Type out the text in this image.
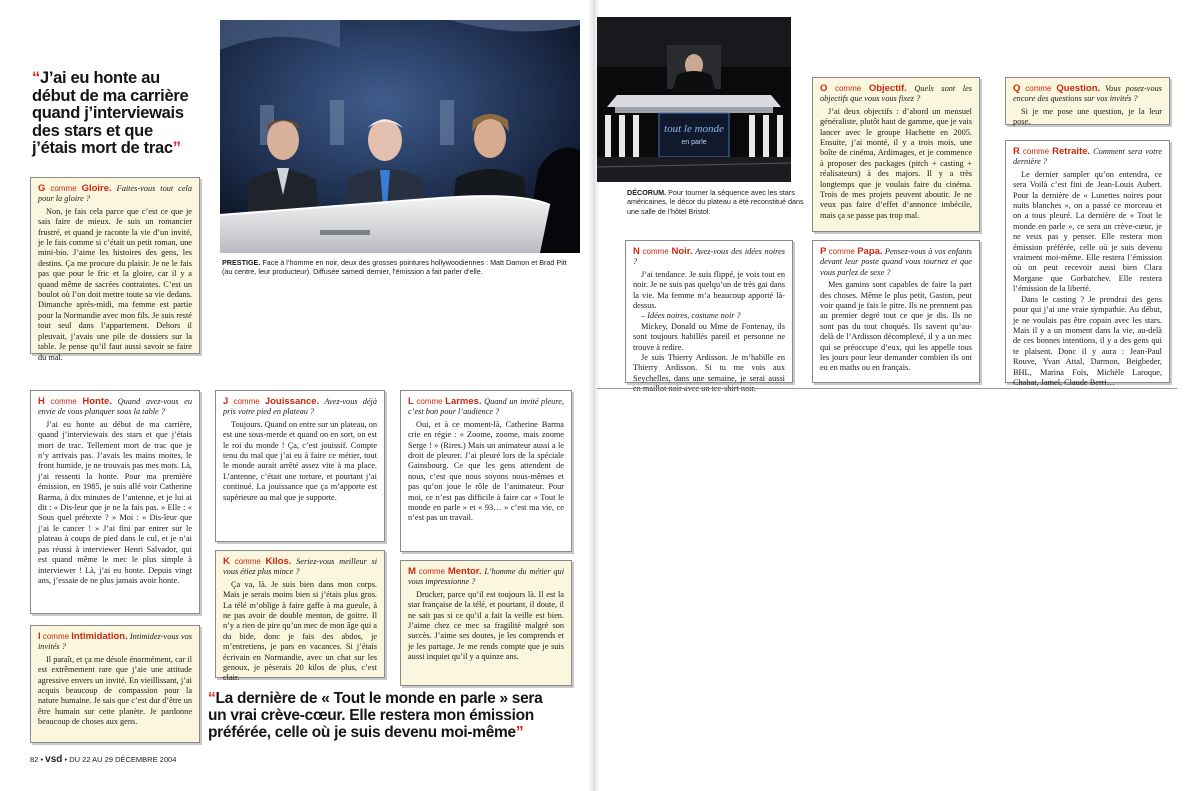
“J’ai eu honte au début de ma carrière quand j’interviewais des stars et que j’étais mort de trac”
PRESTIGE. Face à l’homme en noir, deux des grosses pointures hollywoodiennes : Matt Damon et Brad Pitt (au centre, leur producteur). Diffusée samedi dernier, l’émission a fait parler d’elle.

G comme Gloire. Faites-vous tout cela pour la gloire ?

Non, je fais cela parce que c’est ce que je sais faire de mieux. Je suis un romancier frustré, et quand je raconte la vie d’un invité, je le fais comme si c’était un petit roman, une mini-bio. J’aime les histoires des gens, les destins. Ça me procure du plaisir. Je ne le fais pas que pour le fric et la gloire, car il y a quand même de sacrées contraintes. C’est un boulot où l’on doit mettre toute sa vie dedans. Dimanche après-midi, ma femme est partie pour la Normandie avec mon fils. Je suis resté tout seul dans l’appartement. Dehors il pleuvait, j’avais une pile de dossiers sur la table. Je pense qu’il faut aussi savoir se faire du mal.

H comme Honte. Quand avez-vous eu envie de vous planquer sous la table ?

J’ai eu honte au début de ma carrière, quand j’interviewais des stars et que j’étais mort de trac. Tellement mort de trac que je n’y arrivais pas. J’avais les mains moites, le front humide, je ne trouvais pas mes mots. Là, j’ai ressenti la honte. Pour ma première émission, en 1985, je suis allé voir Catherine Barma, à dix minutes de l’antenne, et je lui ai dit : « Dis-leur que je ne la fais pas. » Elle : « Sous quel prétexte ? » Moi : « Dis-leur que j’ai le cancer ! » J’ai fini par entrer sur le plateau à coups de pied dans le cul, et je n’ai pas réussi à interviewer Henri Salvador, qui est quand même le mec le plus simple à interviewer ! Là, j’ai eu honte. Depuis vingt ans, j’essaie de ne plus jamais avoir honte.

I comme Intimidation. Intimidez-vous vos invités ?

Il paraît, et ça me désole énormément, car il est extrêmement rare que j’aie une attitude agressive envers un invité. En vieillissant, j’ai acquis beaucoup de compassion pour la nature humaine. Je sais que c’est dur d’être un être humain sur cette planète. Je pardonne beaucoup de choses aux gens.

J comme Jouissance. Avez-vous déjà pris votre pied en plateau ?

Toujours. Quand on entre sur un plateau, on est une sous-merde et quand on en sort, on est le roi du monde ! Ça, c’est jouissif. Compte tenu du mal que j’ai eu à faire ce métier, tout le monde aurait arrêté assez vite à ma place. L’antenne, c’était une torture, et pourtant j’ai continué. La jouissance que ça m’apporte est supérieure au mal que je supporte.

K comme Kilos. Seriez-vous meilleur si vous étiez plus mince ?

Ça va, là. Je suis bien dans mon corps. Mais je serais moins bien si j’étais plus gros. La télé m’oblige à faire gaffe à ma gueule, à ne pas avoir de double menton, de goitre. Il n’y a rien de pire qu’un mec de mon âge qui a du bide, donc je fais des abdos, je m’entretiens, je pars en vacances. Si j’étais écrivain en Normandie, avec un chat sur les genoux, je pèserais 20 kilos de plus, c’est clair.

L comme Larmes. Quand un invité pleure, c’est bon pour l’audience ?

Oui, et à ce moment-là, Catherine Barma crie en régie : « Zoome, zoome, mais zoome Serge ! » (Rires.) Mais un animateur aussi a le droit de pleurer. J’ai pleuré lors de la spéciale Gainsbourg. Ce que les gens attendent de nous, c’est que nous soyons nous-mêmes et pas qu’on joue le rôle de l’animateur. Pour moi, ce n’est pas difficile à faire car « Tout le monde en parle » et « 93… » c’est ma vie, ce n’est pas un travail.

M comme Mentor. L’homme du métier qui vous impressionne ?

Drucker, parce qu’il est toujours là. Il est la star française de la télé, et pourtant, il doute, il ne sait pas si ce qu’il a fait la veille est bien. J’aime chez ce mec sa fragilité malgré son succès. J’aime ses doutes, je les comprends et je les partage. Je me rends compte que je suis aussi inquiet qu’il y a quinze ans.

“La dernière de « Tout le monde en parle » sera un vrai crève-cœur. Elle restera mon émission préférée, celle où je suis devenu moi-même”
82 • vsd • DU 22 AU 29 DÉCEMBRE 2004
tout le monde
en parle
DÉCORUM. Pour tourner la séquence avec les stars américaines, le décor du plateau a été reconstitué dans une salle de l’hôtel Bristol.

N comme Noir. Avez-vous des idées noires ?

J’ai tendance. Je suis flippé, je vois tout en noir. Je ne suis pas quelqu’un de très gai dans la vie. Ma femme m’a beaucoup apporté là-dessus.

– Idées noires, costume noir ?

Mickey, Donald ou Mme de Fontenay, ils sont toujours habillés pareil et personne ne trouve à redire.

Je suis Thierry Ardisson. Je m’habille en Thierry Ardisson. Si tu me vois aux Seychelles, dans une semaine, je serai aussi

O comme Objectif. Quels sont les objectifs que vous vous fixez ?

J’ai deux objectifs : d’abord un mensuel généraliste, plutôt haut de gamme, que je vais lancer avec le groupe Hachette en 2005. Ensuite, j’ai monté, il y a trois mois, une boîte de cinéma, Ardimages, et je commence à proposer des packages (pitch + casting + réalisateurs) à des majors. Il y a très longtemps que je voulais faire du cinéma. Trois de mes projets peuvent aboutir. Je ne veux pas faire d’effet d’annonce imbécile, mais ça se passe pas trop mal.

P comme Papa. Pensez-vous à vos enfants devant leur poste quand vous tournez et que vous parlez de sexe ?

Mes gamins sont capables de faire la part des choses. Même le plus petit, Gaston, peut voir quand je fais le pitre. Ils ne prennent pas au premier degré tout ce que je dis. Ils ne sont pas du tout choqués. Ils savent qu’au-delà de l’Ardisson décomplexé, il y a un mec qui se préoccupe d’eux, qui les appelle tous les jours pour leur demander combien ils ont eu en maths ou en français.

Q comme Question. Vous posez-vous encore des questions sur vos invités ?

Si je me pose une question, je la leur pose.

R comme Retraite. Comment sera votre dernière ?

Le dernier sampler qu’on entendra, ce sera Voilà c’est fini de Jean-Louis Aubert. Pour la dernière de « Lunettes noires pour nuits blanches », on a passé ce morceau et on a tous pleuré. La dernière de « Tout le monde en parle », ce sera un crève-cœur, je ne veux pas y penser. Elle restera mon émission préférée, celle où je suis devenu vraiment moi-même. Elle restera l’émission où on peut recevoir aussi bien Clara Morgane que Gorbatchev. Elle restera l’émission de la liberté.

Dans le casting ? Je prendrai des gens pour qui j’ai une vraie sympathie. Au début, je ne voulais pas être copain avec les stars. Mais il y a un moment dans la vie, au-delà de ces bonnes intentions, il y a des gens qui te plaisent. Donc il y aura : Jean-Paul Rouve, Yvan Attal, Darmon, Beigbeder, BHL, Marina Foïs, Michèle Laroque, Chabat, Jamel, Claude Berri…
